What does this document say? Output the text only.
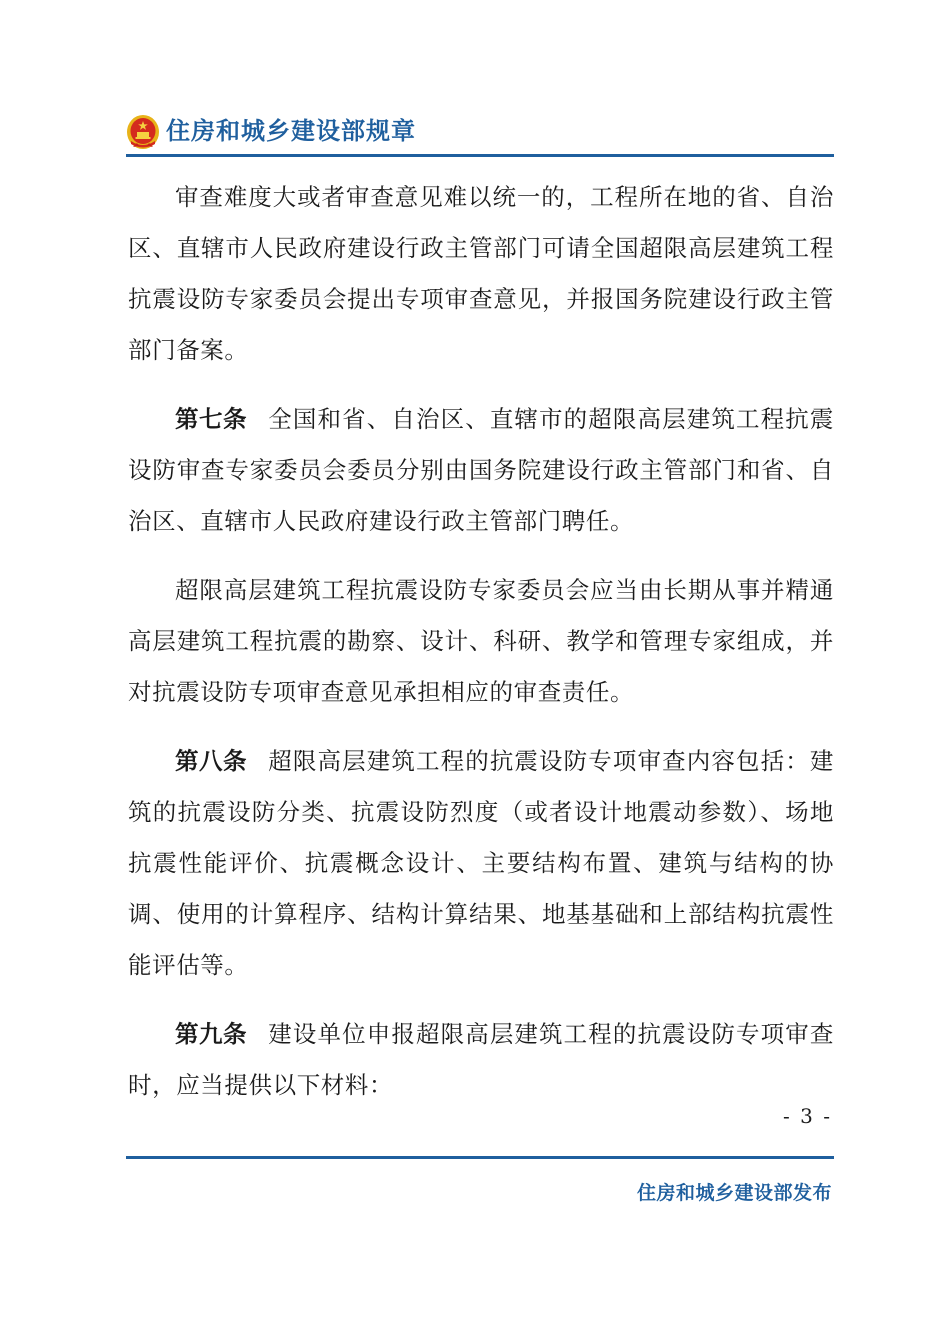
住房和城乡建设部规章

审查难度大或者审查意见难以统一的，工程所在地的省、自治区、直辖市人民政府建设行政主管部门可请全国超限高层建筑工程抗震设防专家委员会提出专项审查意见，并报国务院建设行政主管部门备案。

第七条 全国和省、自治区、直辖市的超限高层建筑工程抗震设防审查专家委员会委员分别由国务院建设行政主管部门和省、自治区、直辖市人民政府建设行政主管部门聘任。

超限高层建筑工程抗震设防专家委员会应当由长期从事并精通高层建筑工程抗震的勘察、设计、科研、教学和管理专家组成，并对抗震设防专项审查意见承担相应的审查责任。

第八条 超限高层建筑工程的抗震设防专项审查内容包括：建筑的抗震设防分类、抗震设防烈度（或者设计地震动参数）、场地抗震性能评价、抗震概念设计、主要结构布置、建筑与结构的协调、使用的计算程序、结构计算结果、地基基础和上部结构抗震性能评估等。

第九条 建设单位申报超限高层建筑工程的抗震设防专项审查时，应当提供以下材料：

- 3 -
住房和城乡建设部发布
